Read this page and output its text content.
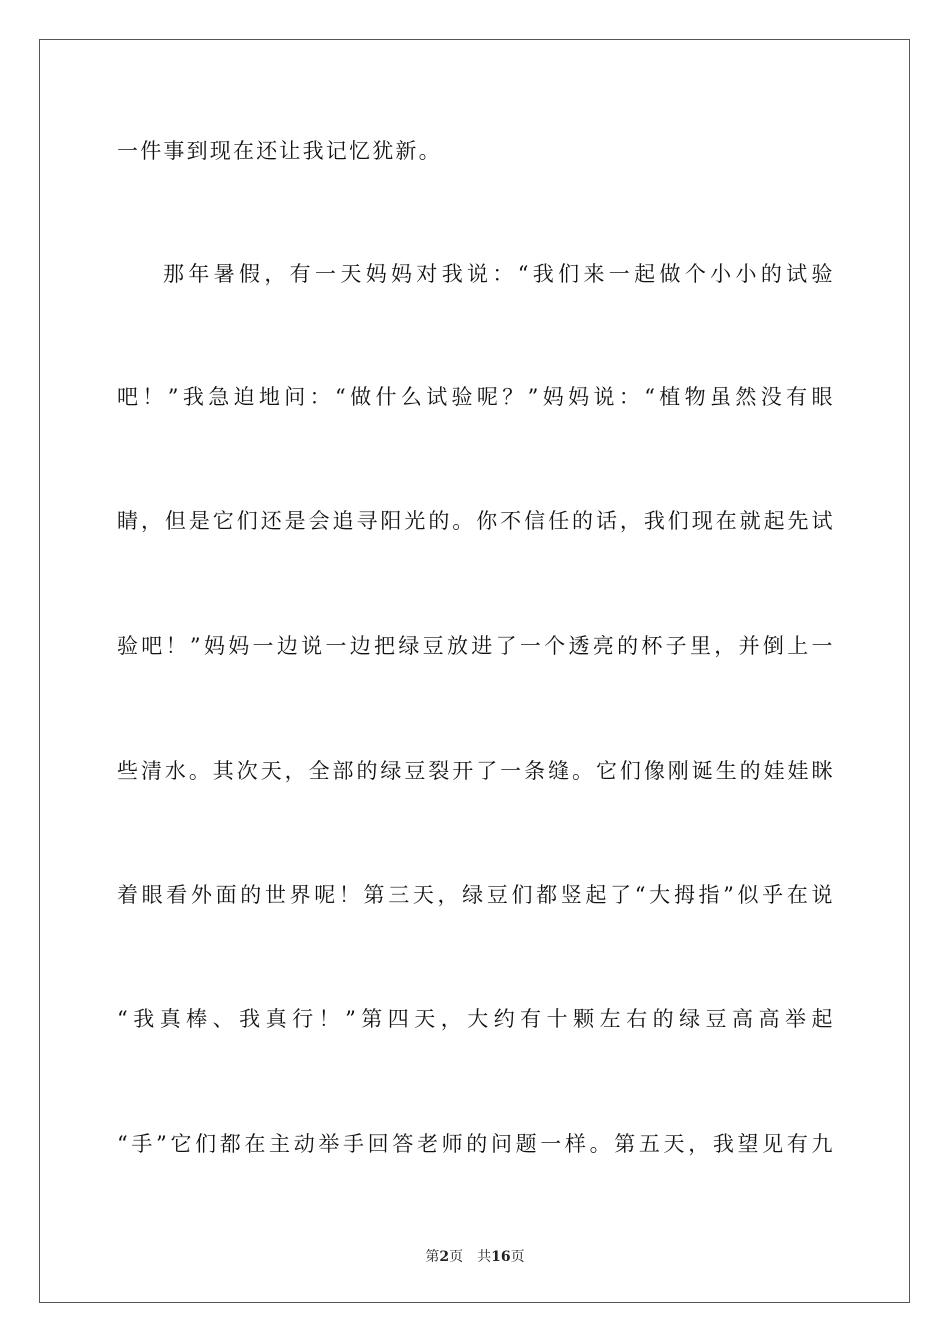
一件事到现在还让我记忆犹新。
那年暑假，有一天妈妈对我说：“我们来一起做个小小的试验
吧！”我急迫地问：“做什么试验呢？”妈妈说：“植物虽然没有眼
睛，但是它们还是会追寻阳光的。你不信任的话，我们现在就起先试
验吧！”妈妈一边说一边把绿豆放进了一个透亮的杯子里，并倒上一
些清水。其次天，全部的绿豆裂开了一条缝。它们像刚诞生的娃娃眯
着眼看外面的世界呢！第三天，绿豆们都竖起了“大拇指”似乎在说
“我真棒、我真行！”第四天，大约有十颗左右的绿豆高高举起
“手”它们都在主动举手回答老师的问题一样。第五天，我望见有九
第2页 共16页
